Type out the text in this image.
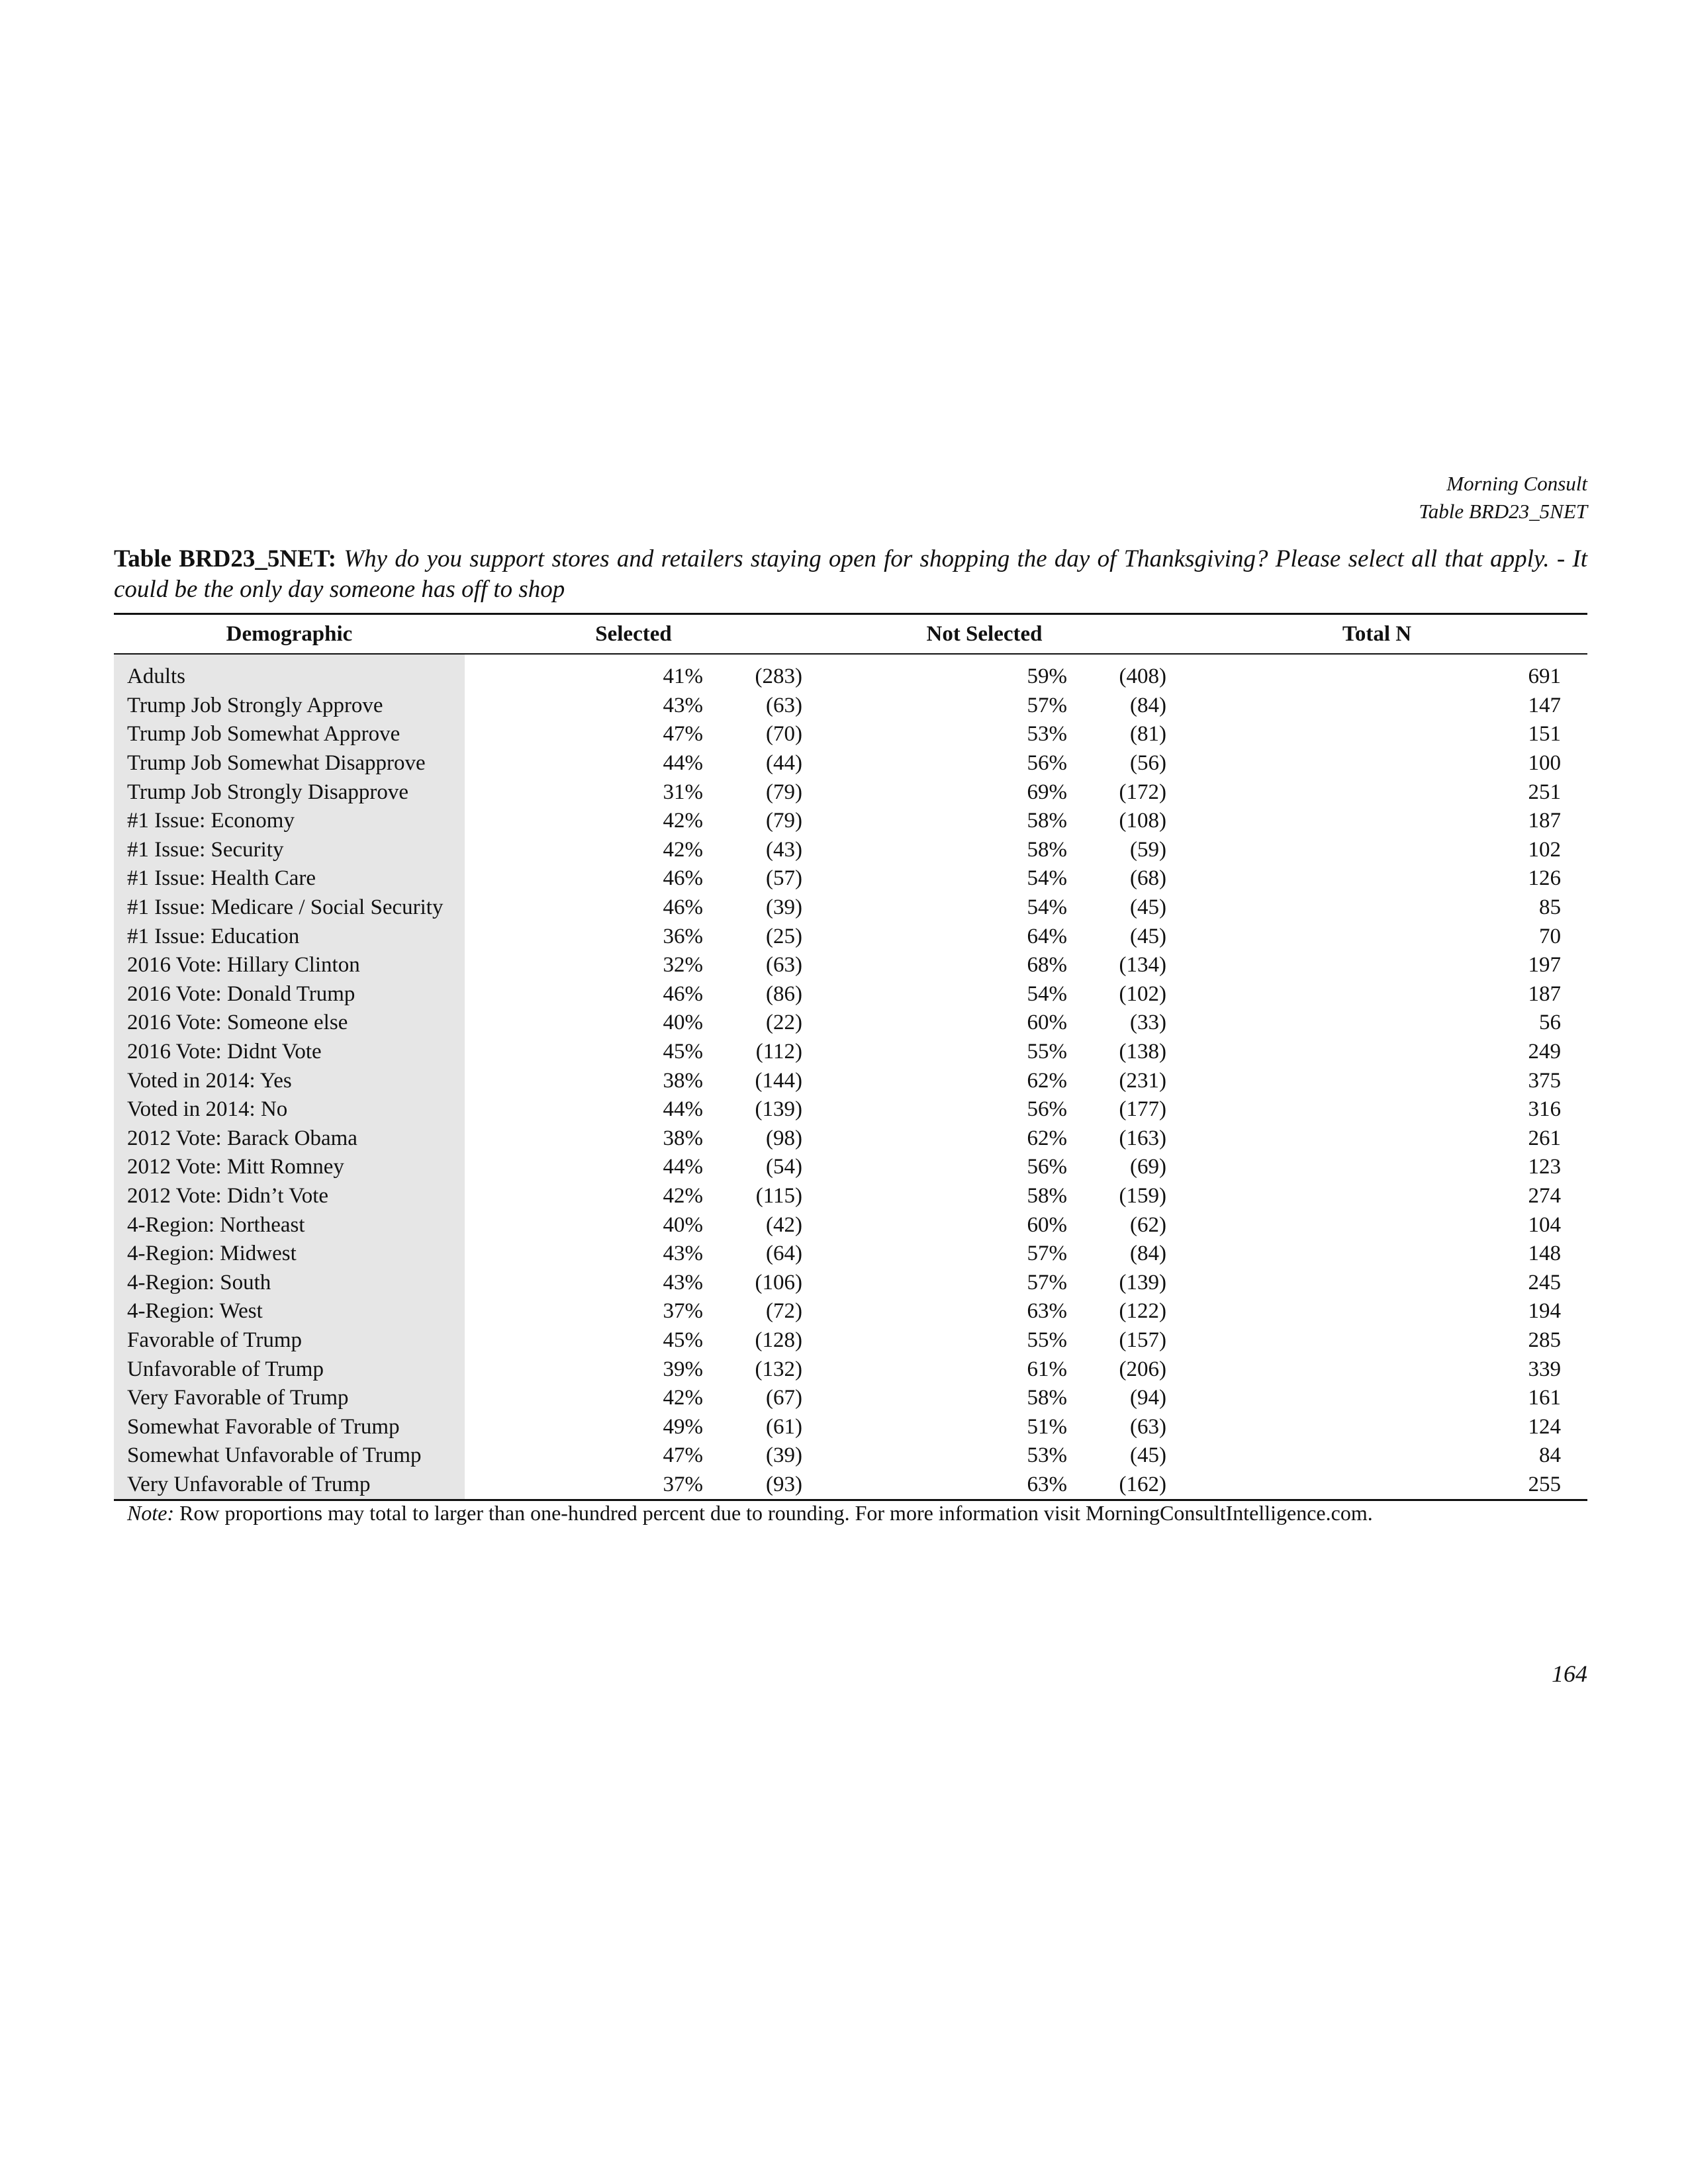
Morning Consult
Table BRD23_5NET
Table BRD23_5NET: Why do you support stores and retailers staying open for shopping the day of Thanksgiving? Please select all that apply. - It could be the only day someone has off to shop
Demographic	Selected		Not Selected		Total N
Adults	41%	(283)	59%	(408)	691
Trump Job Strongly Approve	43%	(63)	57%	(84)	147
Trump Job Somewhat Approve	47%	(70)	53%	(81)	151
Trump Job Somewhat Disapprove	44%	(44)	56%	(56)	100
Trump Job Strongly Disapprove	31%	(79)	69%	(172)	251
#1 Issue: Economy	42%	(79)	58%	(108)	187
#1 Issue: Security	42%	(43)	58%	(59)	102
#1 Issue: Health Care	46%	(57)	54%	(68)	126
#1 Issue: Medicare / Social Security	46%	(39)	54%	(45)	85
#1 Issue: Education	36%	(25)	64%	(45)	70
2016 Vote: Hillary Clinton	32%	(63)	68%	(134)	197
2016 Vote: Donald Trump	46%	(86)	54%	(102)	187
2016 Vote: Someone else	40%	(22)	60%	(33)	56
2016 Vote: Didnt Vote	45%	(112)	55%	(138)	249
Voted in 2014: Yes	38%	(144)	62%	(231)	375
Voted in 2014: No	44%	(139)	56%	(177)	316
2012 Vote: Barack Obama	38%	(98)	62%	(163)	261
2012 Vote: Mitt Romney	44%	(54)	56%	(69)	123
2012 Vote: Didn’t Vote	42%	(115)	58%	(159)	274
4-Region: Northeast	40%	(42)	60%	(62)	104
4-Region: Midwest	43%	(64)	57%	(84)	148
4-Region: South	43%	(106)	57%	(139)	245
4-Region: West	37%	(72)	63%	(122)	194
Favorable of Trump	45%	(128)	55%	(157)	285
Unfavorable of Trump	39%	(132)	61%	(206)	339
Very Favorable of Trump	42%	(67)	58%	(94)	161
Somewhat Favorable of Trump	49%	(61)	51%	(63)	124
Somewhat Unfavorable of Trump	47%	(39)	53%	(45)	84
Very Unfavorable of Trump	37%	(93)	63%	(162)	255
Note: Row proportions may total to larger than one-hundred percent due to rounding. For more information visit MorningConsultIntelligence.com.
164
